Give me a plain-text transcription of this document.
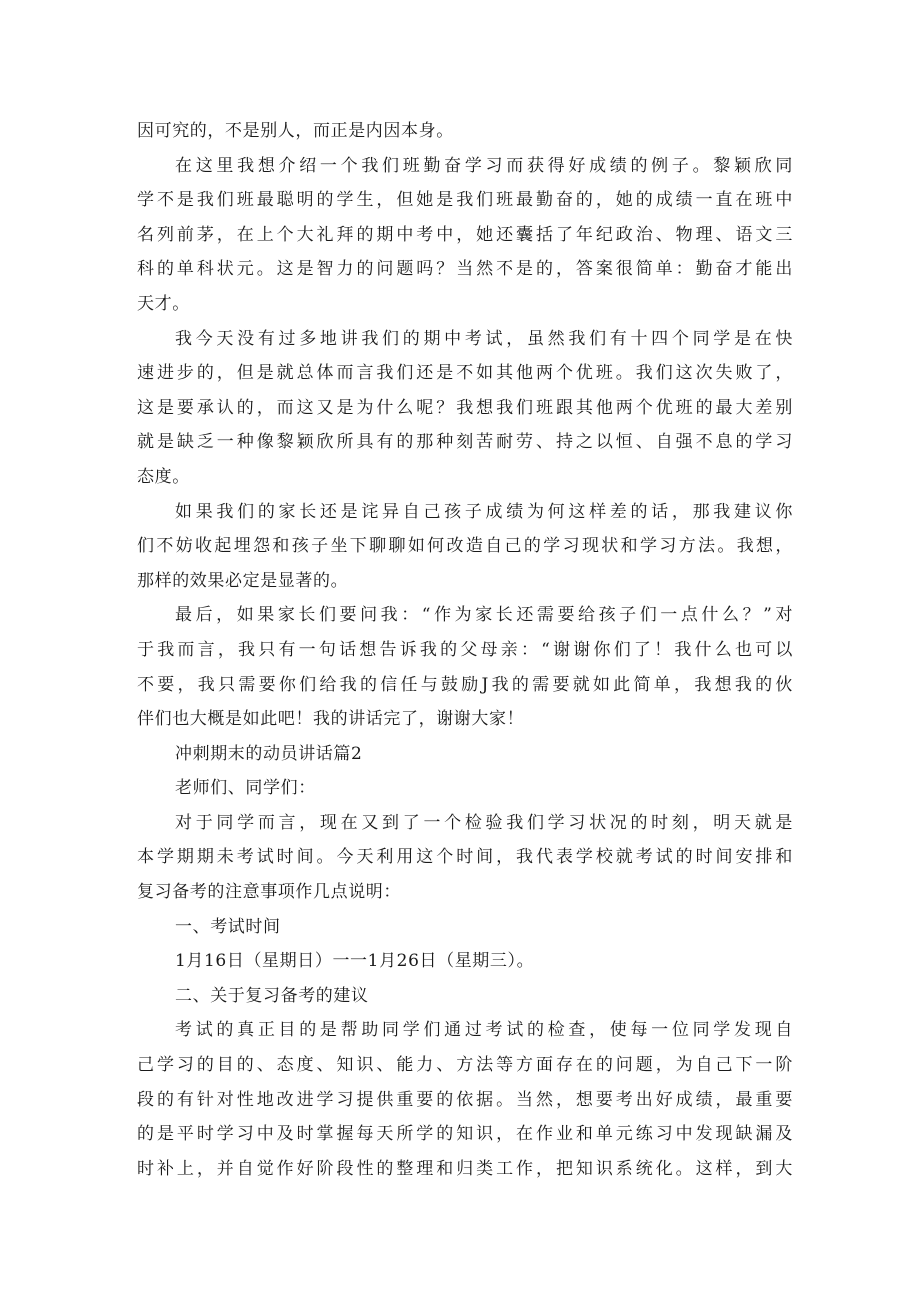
因可究的，不是别人，而正是内因本身。
在这里我想介绍一个我们班勤奋学习而获得好成绩的例子。黎颖欣同
学不是我们班最聪明的学生，但她是我们班最勤奋的，她的成绩一直在班中
名列前茅，在上个大礼拜的期中考中，她还囊括了年纪政治、物理、语文三
科的单科状元。这是智力的问题吗？当然不是的，答案很简单：勤奋才能出
天才。
我今天没有过多地讲我们的期中考试，虽然我们有十四个同学是在快
速进步的，但是就总体而言我们还是不如其他两个优班。我们这次失败了，
这是要承认的，而这又是为什么呢？我想我们班跟其他两个优班的最大差别
就是缺乏一种像黎颖欣所具有的那种刻苦耐劳、持之以恒、自强不息的学习
态度。
如果我们的家长还是诧异自己孩子成绩为何这样差的话，那我建议你
们不妨收起埋怨和孩子坐下聊聊如何改造自己的学习现状和学习方法。我想，
那样的效果必定是显著的。
最后，如果家长们要问我：“作为家长还需要给孩子们一点什么？”对
于我而言，我只有一句话想告诉我的父母亲：“谢谢你们了！我什么也可以
不要，我只需要你们给我的信任与鼓励J我的需要就如此简单，我想我的伙
伴们也大概是如此吧！我的讲话完了，谢谢大家！
冲刺期末的动员讲话篇2
老师们、同学们：
对于同学而言，现在又到了一个检验我们学习状况的时刻，明天就是
本学期期未考试时间。今天利用这个时间，我代表学校就考试的时间安排和
复习备考的注意事项作几点说明：
一、考试时间
1月16日（星期日）一一1月26日（星期三）。
二、关于复习备考的建议
考试的真正目的是帮助同学们通过考试的检查，使每一位同学发现自
己学习的目的、态度、知识、能力、方法等方面存在的问题，为自己下一阶
段的有针对性地改进学习提供重要的依据。当然，想要考出好成绩，最重要
的是平时学习中及时掌握每天所学的知识，在作业和单元练习中发现缺漏及
时补上，并自觉作好阶段性的整理和归类工作，把知识系统化。这样，到大
